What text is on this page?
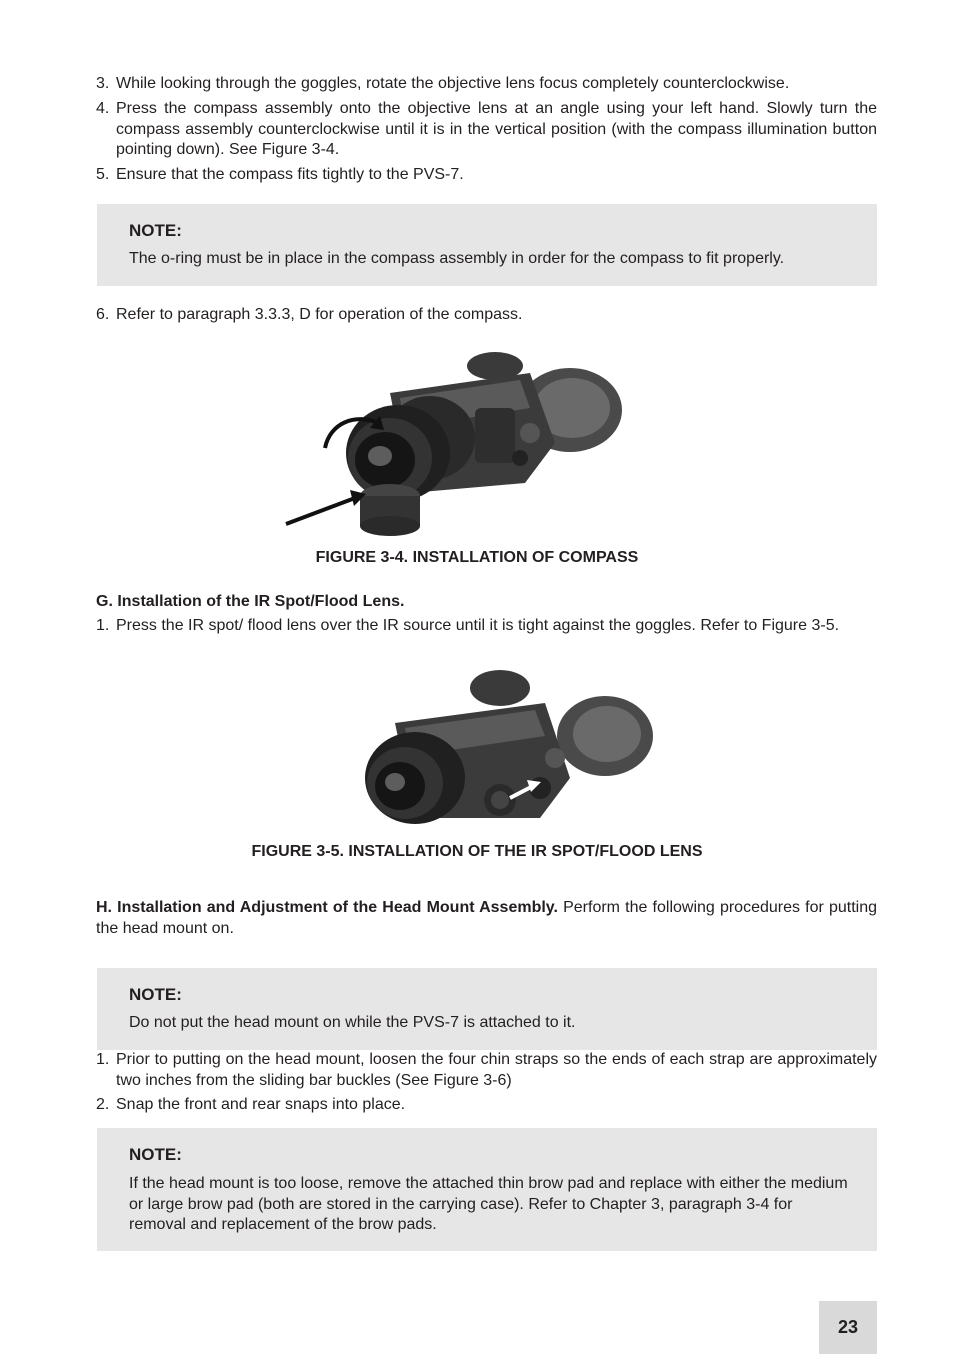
3. While looking through the goggles, rotate the objective lens focus completely counterclockwise.
4. Press the compass assembly onto the objective lens at an angle using your left hand. Slowly turn the compass assembly counterclockwise until it is in the vertical position (with the compass illumination button pointing down). See Figure 3-4.
5. Ensure that the compass fits tightly to the PVS-7.
NOTE:
The o-ring must be in place in the compass assembly in order for the compass to fit properly.
6. Refer to paragraph 3.3.3, D for operation of the compass.
FIGURE 3-4. INSTALLATION OF COMPASS
G. Installation of the IR Spot/Flood Lens.
1. Press the IR spot/ flood lens over the IR source until it is tight against the goggles. Refer to Figure 3-5.
FIGURE 3-5. INSTALLATION OF THE IR SPOT/FLOOD LENS
H. Installation and Adjustment of the Head Mount Assembly. Perform the following procedures for putting the head mount on.
NOTE:
Do not put the head mount on while the PVS-7 is attached to it.
1. Prior to putting on the head mount, loosen the four chin straps so the ends of each strap are approximately two inches from the sliding bar buckles (See Figure 3-6)
2. Snap the front and rear snaps into place.
NOTE:
If the head mount is too loose, remove the attached thin brow pad and replace with either the medium or large brow pad (both are stored in the carrying case). Refer to Chapter 3, paragraph 3-4 for removal and replacement of the brow pads.
23
